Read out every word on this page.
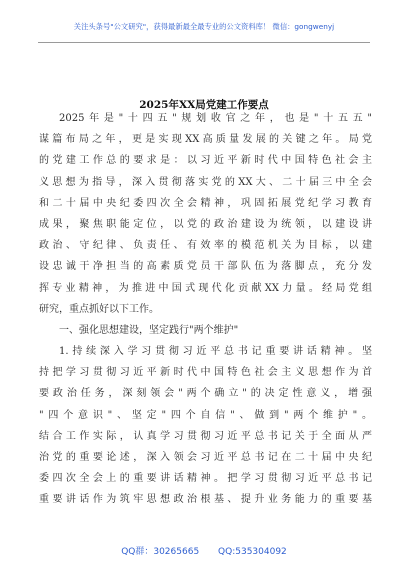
关注头条号"公文研究"，获得最新最全最专业的公文资料库！ 微信：gongwenyj
2025年XX局党建工作要点
2025年是"十四五"规划收官之年，也是"十五五"
谋篇布局之年，更是实现XX高质量发展的关键之年。局党
的党建工作总的要求是：以习近平新时代中国特色社会主
义思想为指导，深入贯彻落实党的XX大、二十届三中全会
和二十届中央纪委四次全会精神，巩固拓展党纪学习教育
成果，聚焦职能定位，以党的政治建设为统领，以建设讲
政治、守纪律、负责任、有效率的模范机关为目标，以建
设忠诚干净担当的高素质党员干部队伍为落脚点，充分发
挥专业精神，为推进中国式现代化贡献XX力量。经局党组
研究，重点抓好以下工作。
一、强化思想建设，坚定践行"两个维护"
1.持续深入学习贯彻习近平总书记重要讲话精神。坚
持把学习贯彻习近平新时代中国特色社会主义思想作为首
要政治任务，深刻领会"两个确立"的决定性意义，增强
"四个意识"、坚定"四个自信"、做到"两个维护"。
结合工作实际，认真学习贯彻习近平总书记关于全面从严
治党的重要论述，深入领会习近平总书记在二十届中央纪
委四次全会上的重要讲话精神。把学习贯彻习近平总书记
重要讲话作为筑牢思想政治根基、提升业务能力的重要基
QQ群：30265665 QQ:535304092
